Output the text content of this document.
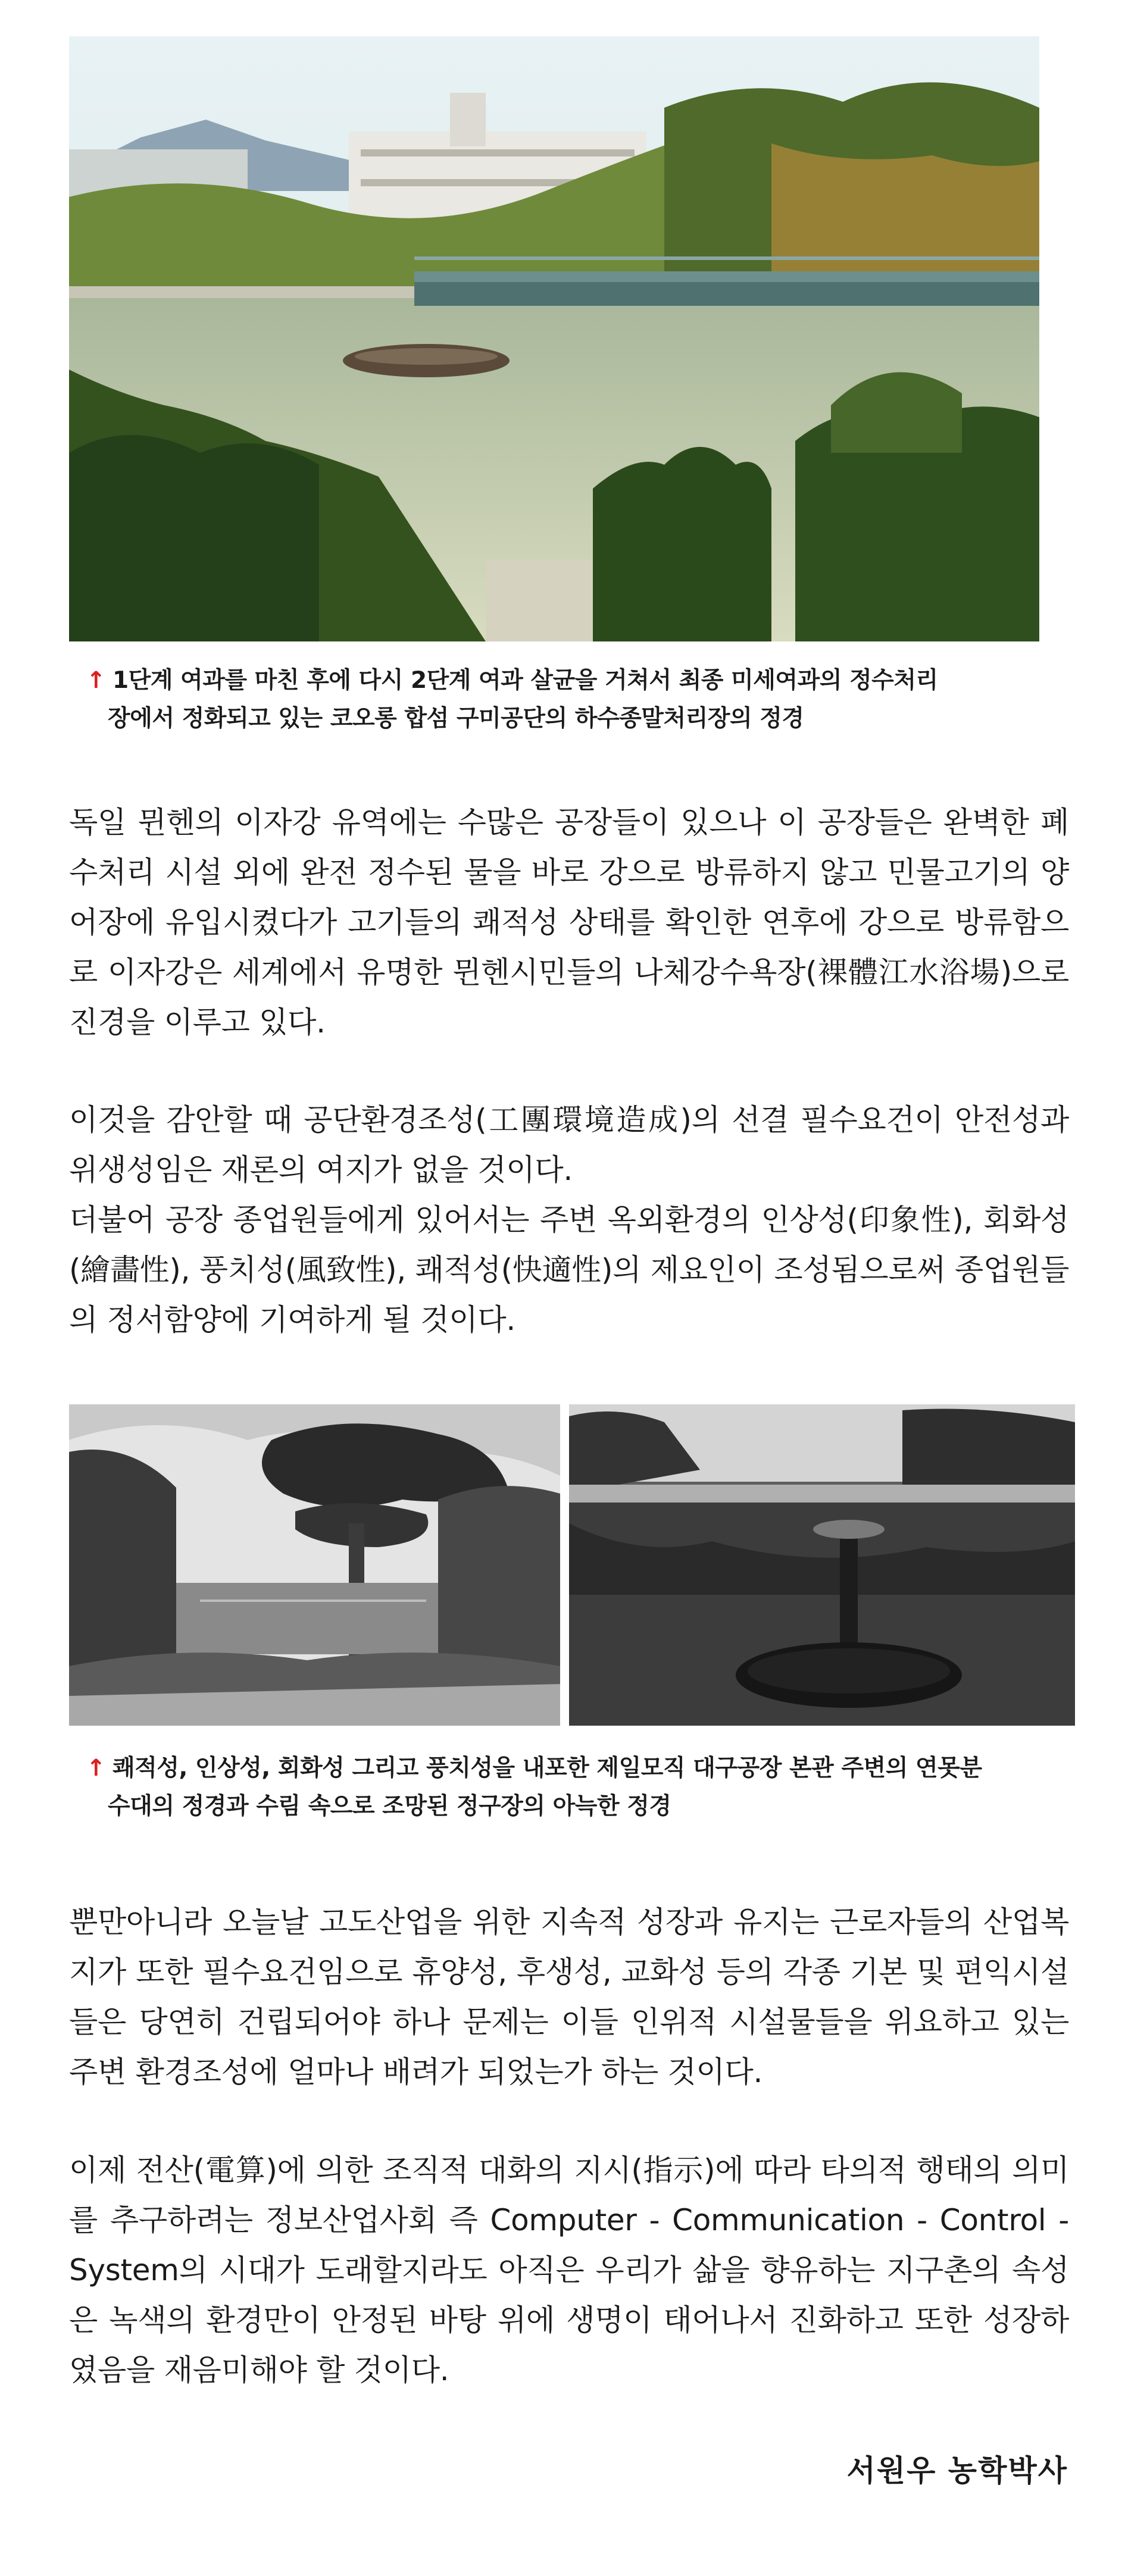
↑ 1단계 여과를 마친 후에 다시 2단계 여과 살균을 거쳐서 최종 미세여과의 정수처리
장에서 정화되고 있는 코오롱 합섬 구미공단의 하수종말처리장의 정경

독일 뮌헨의 이자강 유역에는 수많은 공장들이 있으나 이 공장들은 완벽한 폐수처리 시설 외에 완전 정수된 물을 바로 강으로 방류하지 않고 민물고기의 양어장에 유입시켰다가 고기들의 쾌적성 상태를 확인한 연후에 강으로 방류함으로 이자강은 세계에서 유명한 뮌헨시민들의 나체강수욕장(裸體江水浴場)으로 진경을 이루고 있다.

이것을 감안할 때 공단환경조성(工團環境造成)의 선결 필수요건이 안전성과 위생성임은 재론의 여지가 없을 것이다.

더불어 공장 종업원들에게 있어서는 주변 옥외환경의 인상성(印象性), 회화성(繪畵性), 풍치성(風致性), 쾌적성(快適性)의 제요인이 조성됨으로써 종업원들의 정서함양에 기여하게 될 것이다.

↑ 쾌적성, 인상성, 회화성 그리고 풍치성을 내포한 제일모직 대구공장 본관 주변의 연못분
수대의 정경과 수림 속으로 조망된 정구장의 아늑한 정경

뿐만아니라 오늘날 고도산업을 위한 지속적 성장과 유지는 근로자들의 산업복지가 또한 필수요건임으로 휴양성, 후생성, 교화성 등의 각종 기본 및 편익시설들은 당연히 건립되어야 하나 문제는 이들 인위적 시설물들을 위요하고 있는 주변 환경조성에 얼마나 배려가 되었는가 하는 것이다.

이제 전산(電算)에 의한 조직적 대화의 지시(指示)에 따라 타의적 행태의 의미를 추구하려는 정보산업사회 즉 Computer - Communication - Control - System의 시대가 도래할지라도 아직은 우리가 삶을 향유하는 지구촌의 속성은 녹색의 환경만이 안정된 바탕 위에 생명이 태어나서 진화하고 또한 성장하였음을 재음미해야 할 것이다.

서원우 농학박사
